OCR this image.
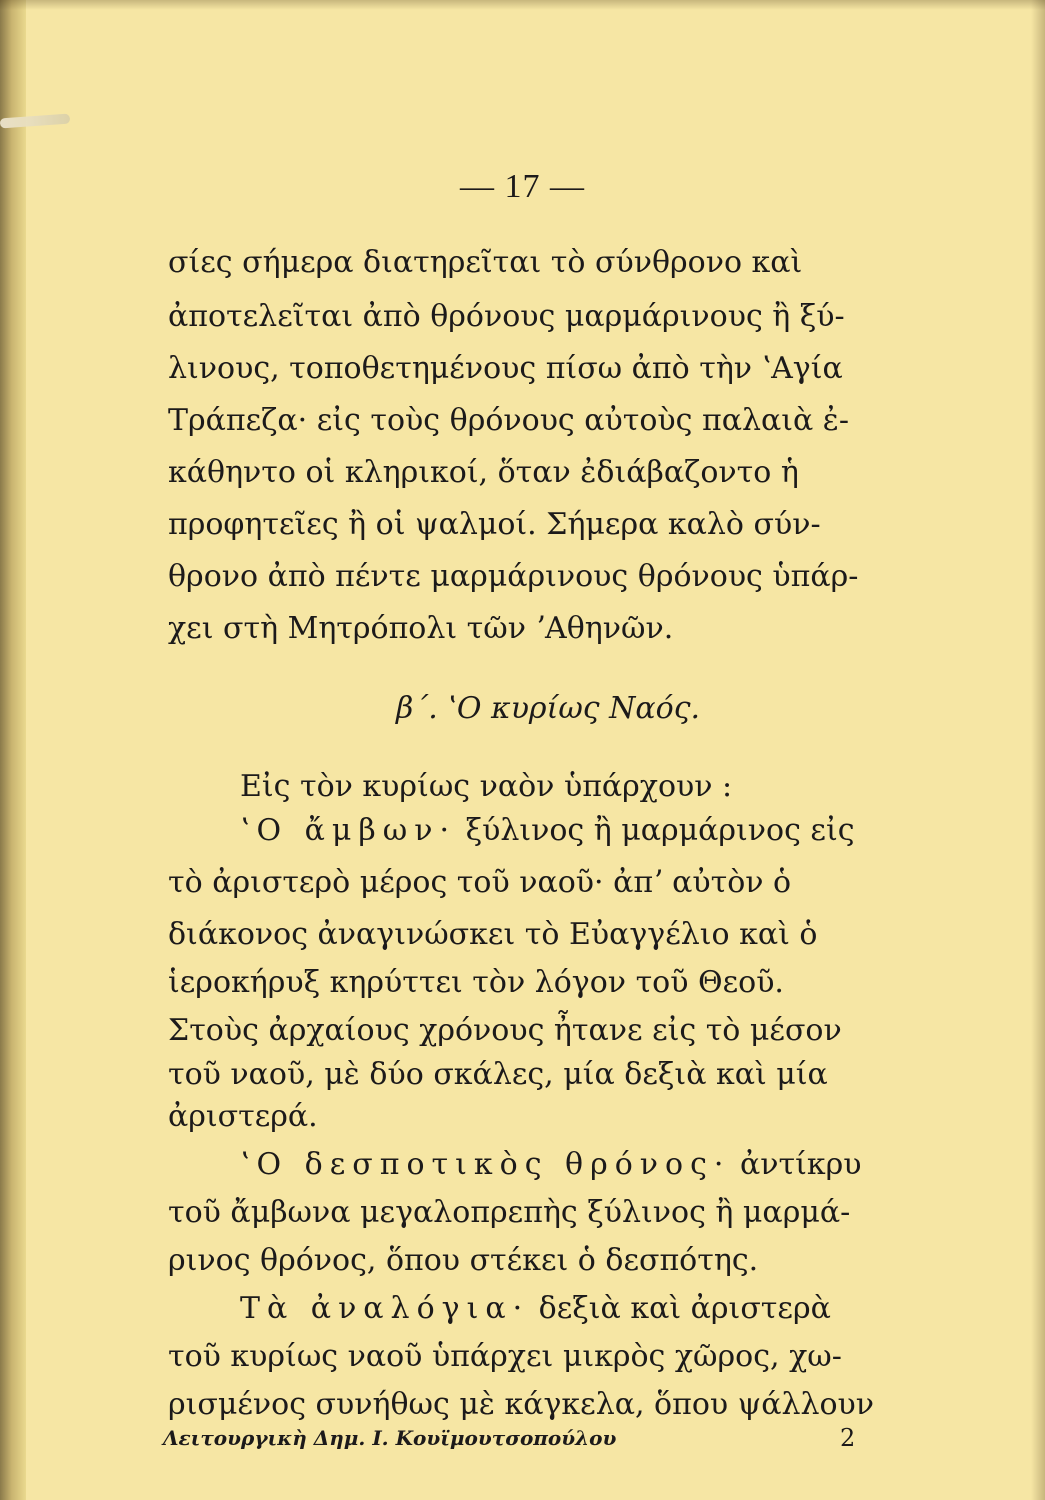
— 17 —
σίες σήμερα διατηρεῖται τὸ σύνθρονο καὶ
ἀποτελεῖται ἀπὸ θρόνους μαρμάρινους ἢ ξύ-
λινους, τοποθετημένους πίσω ἀπὸ τὴν ʽΑγία
Τράπεζα· εἰς τοὺς θρόνους αὐτοὺς παλαιὰ ἐ-
κάθηντο οἱ κληρικοί, ὅταν ἐδιάβαζοντο ἡ
προφητεῖες ἢ οἱ ψαλμοί. Σήμερα καλὸ σύν-
θρονο ἀπὸ πέντε μαρμάρινους θρόνους ὑπάρ-
χει στὴ Μητρόπολι τῶν ʼΑθηνῶν.
β΄. ʽΟ κυρίως Ναός.
Εἰς τὸν κυρίως ναὸν ὑπάρχουν :
ʽΟ ἄμβων· ξύλινος ἢ μαρμάρινος εἰς
τὸ ἀριστερὸ μέρος τοῦ ναοῦ· ἀπʼ αὐτὸν ὁ
διάκονος ἀναγινώσκει τὸ Εὐαγγέλιο καὶ ὁ
ἱεροκήρυξ κηρύττει τὸν λόγον τοῦ Θεοῦ.
Στοὺς ἀρχαίους χρόνους ἦτανε εἰς τὸ μέσον
τοῦ ναοῦ, μὲ δύο σκάλες, μία δεξιὰ καὶ μία
ἀριστερά.
ʽΟ δεσποτικὸς θρόνος· ἀντίκρυ
τοῦ ἄμβωνα μεγαλοπρεπὴς ξύλινος ἢ μαρμά-
ρινος θρόνος, ὅπου στέκει ὁ δεσπότης.
Τὰ ἀναλόγια· δεξιὰ καὶ ἀριστερὰ
τοῦ κυρίως ναοῦ ὑπάρχει μικρὸς χῶρος, χω-
ρισμένος συνήθως μὲ κάγκελα, ὅπου ψάλλουν
Λειτουργικὴ Δημ. Ι. Κουϊμουτσοπούλου	2
